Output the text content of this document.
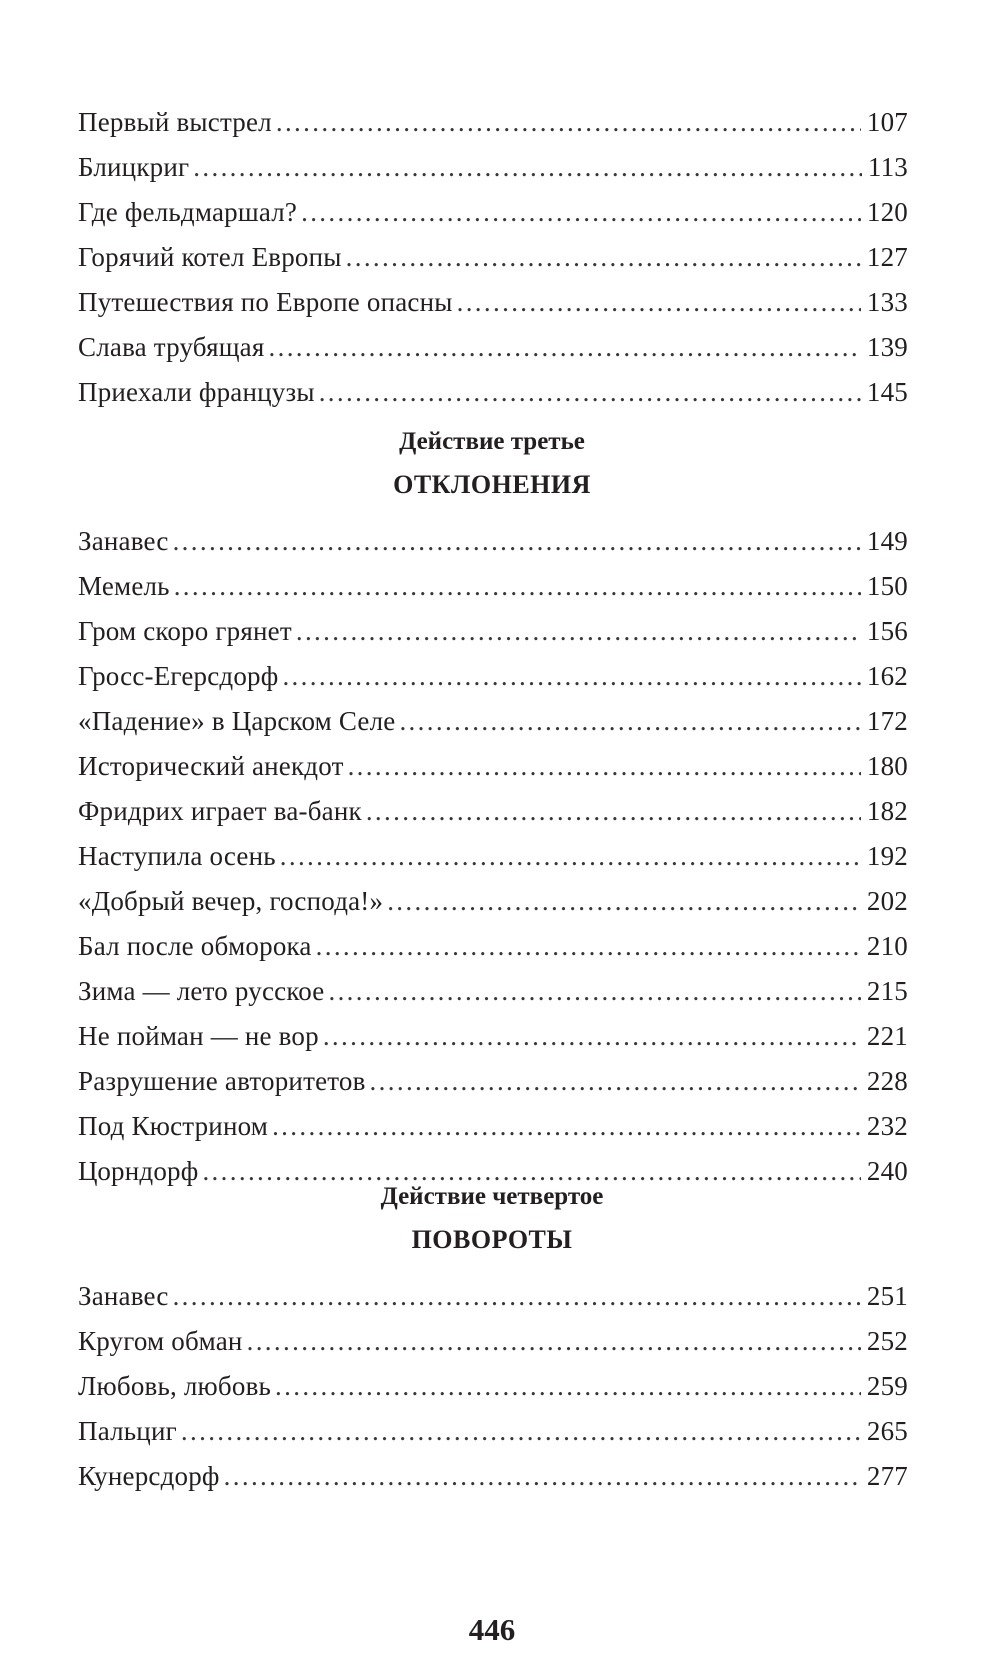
Первый выстрел . . .	107
Блицкриг . . .	113
Где фельдмаршал? . . .	120
Горячий котел Европы . . .	127
Путешествия по Европе опасны . . .	133
Слава трубящая . . .	139
Приехали французы . . .	145
Действие третье
ОТКЛОНЕНИЯ
Занавес . . .	149
Мемель . . .	150
Гром скоро грянет . . .	156
Гросс-Егерсдорф . . .	162
«Падение» в Царском Селе . . .	172
Исторический анекдот . . .	180
Фридрих играет ва-банк . . .	182
Наступила осень . . .	192
«Добрый вечер, господа!» . . .	202
Бал после обморока . . .	210
Зима — лето русское . . .	215
Не пойман — не вор . . .	221
Разрушение авторитетов . . .	228
Под Кюстрином . . .	232
Цорндорф . . .	240
Действие четвертое
ПОВОРОТЫ
Занавес . . .	251
Кругом обман . . .	252
Любовь, любовь . . .	259
Пальциг . . .	265
Кунерсдорф . . .	277
446
